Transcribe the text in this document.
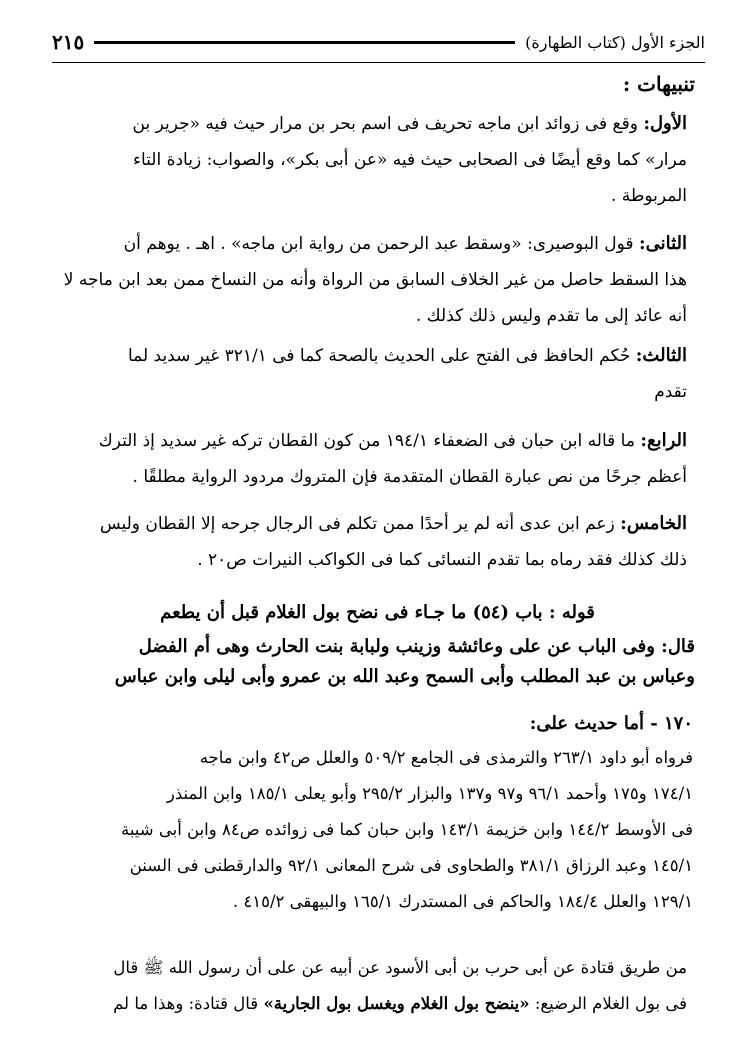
الجزء الأول (كتاب الطهارة)
٢١٥
تنبيهات :
الأول: وقع فى زوائد ابن ماجه تحريف فى اسم بحر بن مرار حيث فيه «جرير بن
مرار» كما وقع أيضًا فى الصحابى حيث فيه «عن أبى بكر»، والصواب: زيادة التاء
المربوطة .
الثانى: قول البوصيرى: «وسقط عبد الرحمن من رواية ابن ماجه» . اهـ . يوهم أن
هذا السقط حاصل من غير الخلاف السابق من الرواة وأنه من النساخ ممن بعد ابن ماجه لا
أنه عائد إلى ما تقدم وليس ذلك كذلك .
الثالث: حُكم الحافظ فى الفتح على الحديث بالصحة كما فى ٣٢١/١ غير سديد لما
تقدم
الرابع: ما قاله ابن حبان فى الضعفاء ١٩٤/١ من كون القطان تركه غير سديد إذ الترك
أعظم جرحًا من نص عبارة القطان المتقدمة فإن المتروك مردود الرواية مطلقًا .
الخامس: زعم ابن عدى أنه لم ير أحدًا ممن تكلم فى الرجال جرحه إلا القطان وليس
ذلك كذلك فقد رماه بما تقدم النسائى كما فى الكواكب النيرات ص٢٠ .
قوله : باب (٥٤) ما جـاء فى نضح بول الغلام قبل أن يطعم
قال: وفى الباب عن على وعائشة وزينب ولبابة بنت الحارث وهى أم الفضل
وعباس بن عبد المطلب وأبى السمح وعبد الله بن عمرو وأبى ليلى وابن عباس
١٧٠ - أما حديث على:
فرواه أبو داود ٢٦٣/١ والترمذى فى الجامع ٥٠٩/٢ والعلل ص٤٢ وابن ماجه
١٧٤/١ و١٧٥ وأحمد ٩٦/١ و٩٧ و١٣٧ والبزار ٢٩٥/٢ وأبو يعلى ١٨٥/١ وابن المنذر
فى الأوسط ١٤٤/٢ وابن خزيمة ١٤٣/١ وابن حبان كما فى زوائده ص٨٤ وابن أبى شيبة
١٤٥/١ وعبد الرزاق ٣٨١/١ والطحاوى فى شرح المعانى ٩٢/١ والدارقطنى فى السنن
١٢٩/١ والعلل ١٨٤/٤ والحاكم فى المستدرك ١٦٥/١ والبيهقى ٤١٥/٢ .
من طريق قتادة عن أبى حرب بن أبى الأسود عن أبيه عن على أن رسول الله ﷺ قال
فى بول الغلام الرضيع: «ينضح بول الغلام ويغسل بول الجارية» قال قتادة: وهذا ما لم
